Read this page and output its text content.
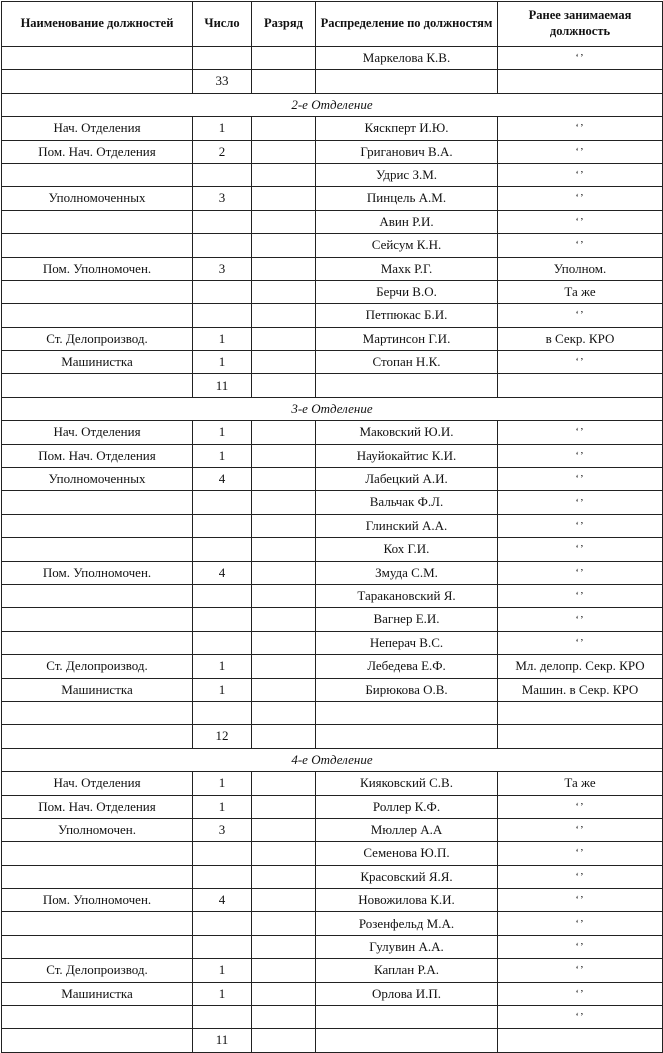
Наименование должностей	Число	Разряд	Распределение по должностям	Ранее занимаемая должность
			Маркелова К.В.	‘’
	33			
2-е Отделение				
Нач. Отделения	1		Кяскперт И.Ю.	‘’
Пом. Нач. Отделения	2		Григанович В.А.	‘’
			Удрис З.М.	‘’
Уполномоченных	3		Пинцель А.М.	‘’
			Авин Р.И.	‘’
			Сейсум К.Н.	‘’
Пом. Уполномочен.	3		Махк Р.Г.	Уполном.
			Берчи В.О.	Та же
			Петпюкас Б.И.	‘’
Ст. Делопроизвод.	1		Мартинсон Г.И.	в Секр. КРО
Машинистка	1		Стопан Н.К.	‘’
	11			
3-е Отделение				
Нач. Отделения	1		Маковский Ю.И.	‘’
Пом. Нач. Отделения	1		Науйокайтис К.И.	‘’
Уполномоченных	4		Лабецкий А.И.	‘’
			Вальчак Ф.Л.	‘’
			Глинский А.А.	‘’
			Кох Г.И.	‘’
Пом. Уполномочен.	4		Змуда С.М.	‘’
			Таракановский Я.	‘’
			Вагнер Е.И.	‘’
			Неперач В.С.	‘’
Ст. Делопроизвод.	1		Лебедева Е.Ф.	Мл. делопр. Секр. КРО
Машинистка	1		Бирюкова О.В.	Машин. в Секр. КРО

	12			
4-е Отделение				
Нач. Отделения	1		Кияковский С.В.	Та же
Пом. Нач. Отделения	1		Роллер К.Ф.	‘’
Уполномочен.	3		Мюллер А.А	‘’
			Семенова Ю.П.	‘’
			Красовский Я.Я.	‘’
Пом. Уполномочен.	4		Новожилова К.И.	‘’
			Розенфельд М.А.	‘’
			Гулувин А.А.	‘’
Ст. Делопроизвод.	1		Каплан Р.А.	‘’
Машинистка	1		Орлова И.П.	‘’
				‘’
	11			
